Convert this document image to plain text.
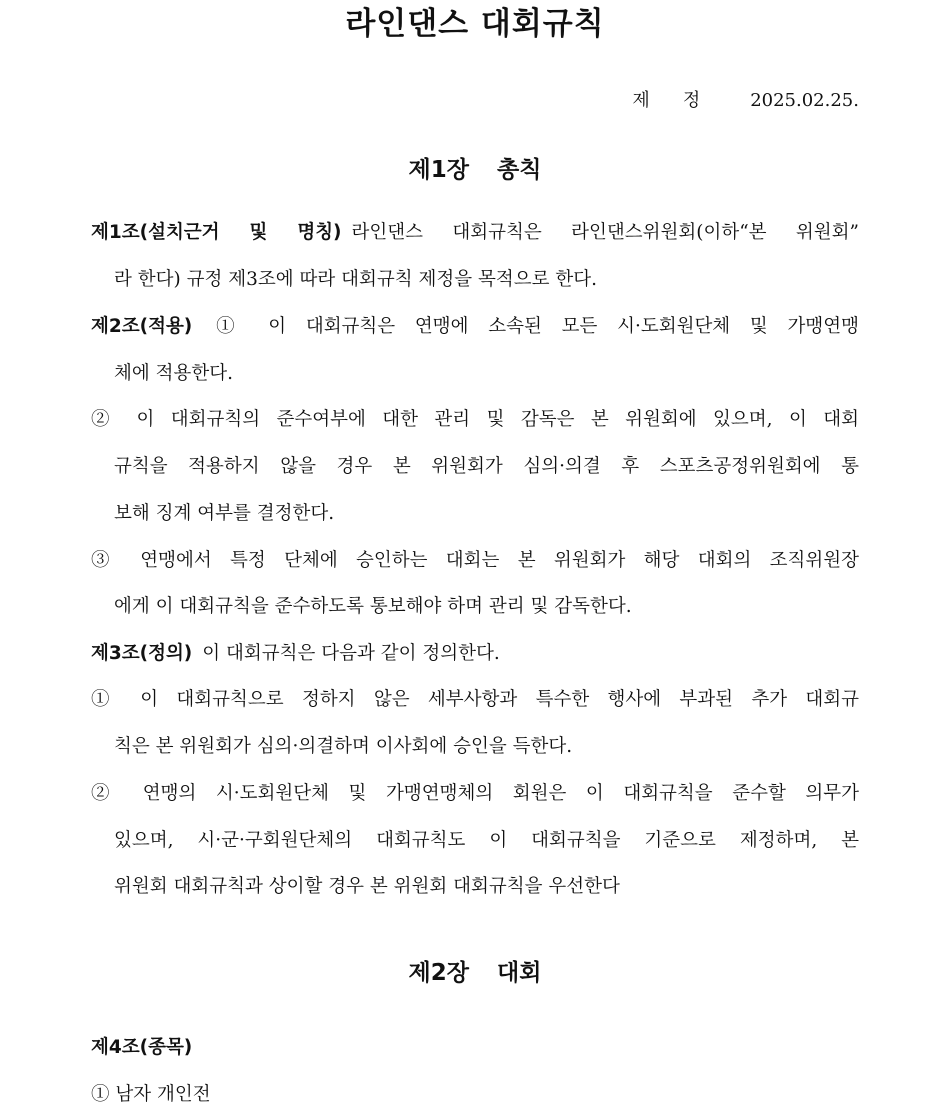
라인댄스 대회규칙
제 정	2025.02.25.
제1장 총칙
제1조(설치근거 및 명칭) 라인댄스 대회규칙은 라인댄스위원회(이하“본 위원회”
라 한다) 규정 제3조에 따라 대회규칙 제정을 목적으로 한다.
제2조(적용) ① 이 대회규칙은 연맹에 소속된 모든 시·도회원단체 및 가맹연맹
체에 적용한다.
② 이 대회규칙의 준수여부에 대한 관리 및 감독은 본 위원회에 있으며, 이 대회
규칙을 적용하지 않을 경우 본 위원회가 심의·의결 후 스포츠공정위원회에 통
보해 징계 여부를 결정한다.
③ 연맹에서 특정 단체에 승인하는 대회는 본 위원회가 해당 대회의 조직위원장
에게 이 대회규칙을 준수하도록 통보해야 하며 관리 및 감독한다.
제3조(정의) 이 대회규칙은 다음과 같이 정의한다.
① 이 대회규칙으로 정하지 않은 세부사항과 특수한 행사에 부과된 추가 대회규
칙은 본 위원회가 심의·의결하며 이사회에 승인을 득한다.
② 연맹의 시·도회원단체 및 가맹연맹체의 회원은 이 대회규칙을 준수할 의무가
있으며, 시·군·구회원단체의 대회규칙도 이 대회규칙을 기준으로 제정하며, 본
위원회 대회규칙과 상이할 경우 본 위원회 대회규칙을 우선한다
제2장 대회
제4조(종목)
① 남자 개인전
